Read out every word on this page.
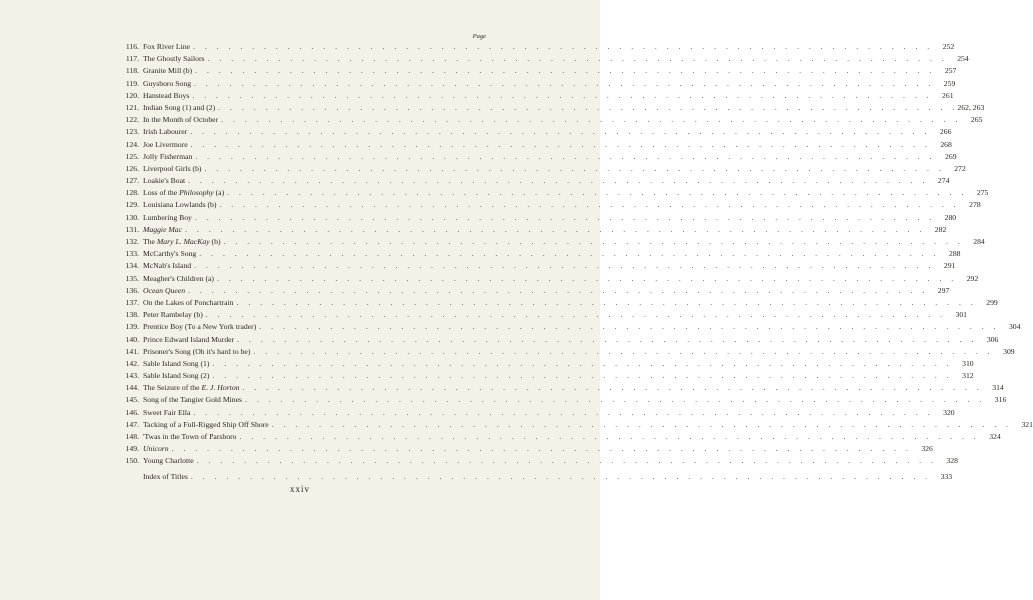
Page
116. Fox River Line . . .	252
117. The Ghostly Sailors . . .	254
118. Granite Mill (b) . . .	257
119. Guysboro Song . . .	259
120. Hanstead Boys . . .	261
121. Indian Song (1) and (2) . . .	262, 263
122. In the Month of October . . .	265
123. Irish Labourer . . .	266
124. Joe Livermore . . .	268
125. Jolly Fisherman . . .	269
126. Liverpool Girls (b) . . .	272
127. Loakie's Boat . . .	274
128. Loss of the Philosophy (a) . . .	275
129. Louisiana Lowlands (b) . . .	278
130. Lumbering Boy . . .	280
131. Maggie Mac . . .	282
132. The Mary L. MacKay (b) . . .	284
133. McCarthy's Song . . .	288
134. McNab's Island . . .	291
135. Meagher's Children (a) . . .	292
136. Ocean Queen . . .	297
137. On the Lakes of Ponchartrain . . .	299
138. Peter Rambelay (b) . . .	301
139. Prentice Boy (To a New York trader) . . .	304
140. Prince Edward Island Murder . . .	306
141. Prisoner's Song (Oh it's hard to be) . . .	309
142. Sable Island Song (1) . . .	310
143. Sable Island Song (2) . . .	312
144. The Seizure of the E. J. Horton . . .	314
145. Song of the Tangier Gold Mines . . .	316
146. Sweet Fair Ella . . .	320
147. Tacking of a Full-Rigged Ship Off Shore . . .	321
148. 'Twas in the Town of Parsboro . . .	324
149. Unicorn . . .	326
150. Young Charlotte . . .	328
Index of Titles . . .	333
xxiv
